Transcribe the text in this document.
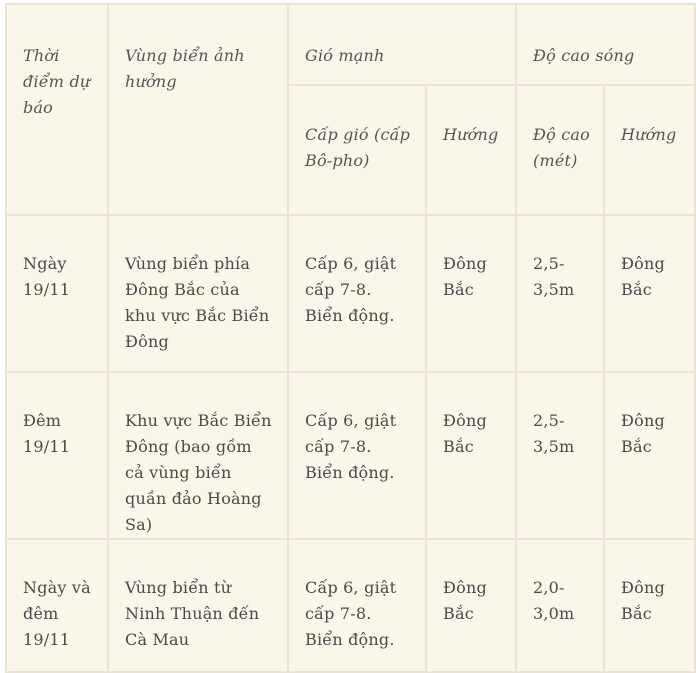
Thời điểm dự báo	Vùng biển ảnh hưởng	Gió mạnh		Độ cao sóng	

		Cấp gió (cấp Bô-pho)	Hướng	Độ cao (mét)	Hướng

Ngày 19/11	Vùng biển phía Đông Bắc của khu vực Bắc Biển Đông	Cấp 6, giật cấp 7-8. Biển động.	Đông Bắc	2,5-3,5m	Đông Bắc

Đêm 19/11	Khu vực Bắc Biển Đông (bao gồm cả vùng biển quần đảo Hoàng Sa)	Cấp 6, giật cấp 7-8. Biển động.	Đông Bắc	2,5-3,5m	Đông Bắc

Ngày và đêm 19/11	Vùng biển từ Ninh Thuận đến Cà Mau	Cấp 6, giật cấp 7-8. Biển động.	Đông Bắc	2,0-3,0m	Đông Bắc
